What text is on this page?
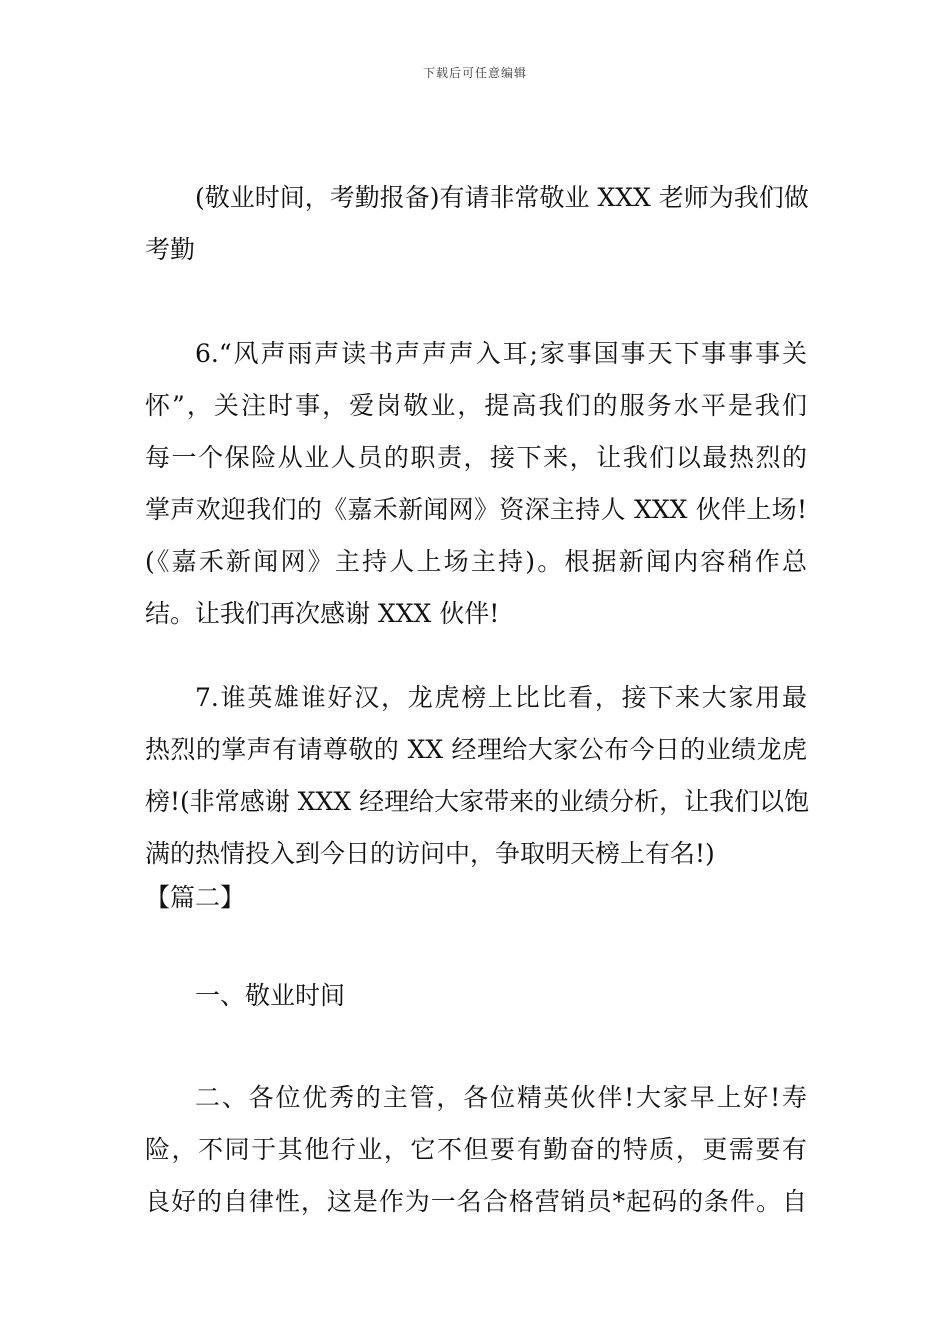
下载后可任意编辑
(敬业时间，考勤报备)有请非常敬业 XXX 老师为我们做
考勤
6.“风声雨声读书声声声入耳;家事国事天下事事事关
怀”，关注时事，爱岗敬业，提高我们的服务水平是我们
每一个保险从业人员的职责，接下来，让我们以最热烈的
掌声欢迎我们的《嘉禾新闻网》资深主持人 XXX 伙伴上场!
(《嘉禾新闻网》主持人上场主持)。根据新闻内容稍作总
结。让我们再次感谢 XXX 伙伴!
7.谁英雄谁好汉，龙虎榜上比比看，接下来大家用最
热烈的掌声有请尊敬的 XX 经理给大家公布今日的业绩龙虎
榜!(非常感谢 XXX 经理给大家带来的业绩分析，让我们以饱
满的热情投入到今日的访问中，争取明天榜上有名!)
【篇二】
一、敬业时间
二、各位优秀的主管，各位精英伙伴!大家早上好!寿
险，不同于其他行业，它不但要有勤奋的特质，更需要有
良好的自律性，这是作为一名合格营销员*起码的条件。自
